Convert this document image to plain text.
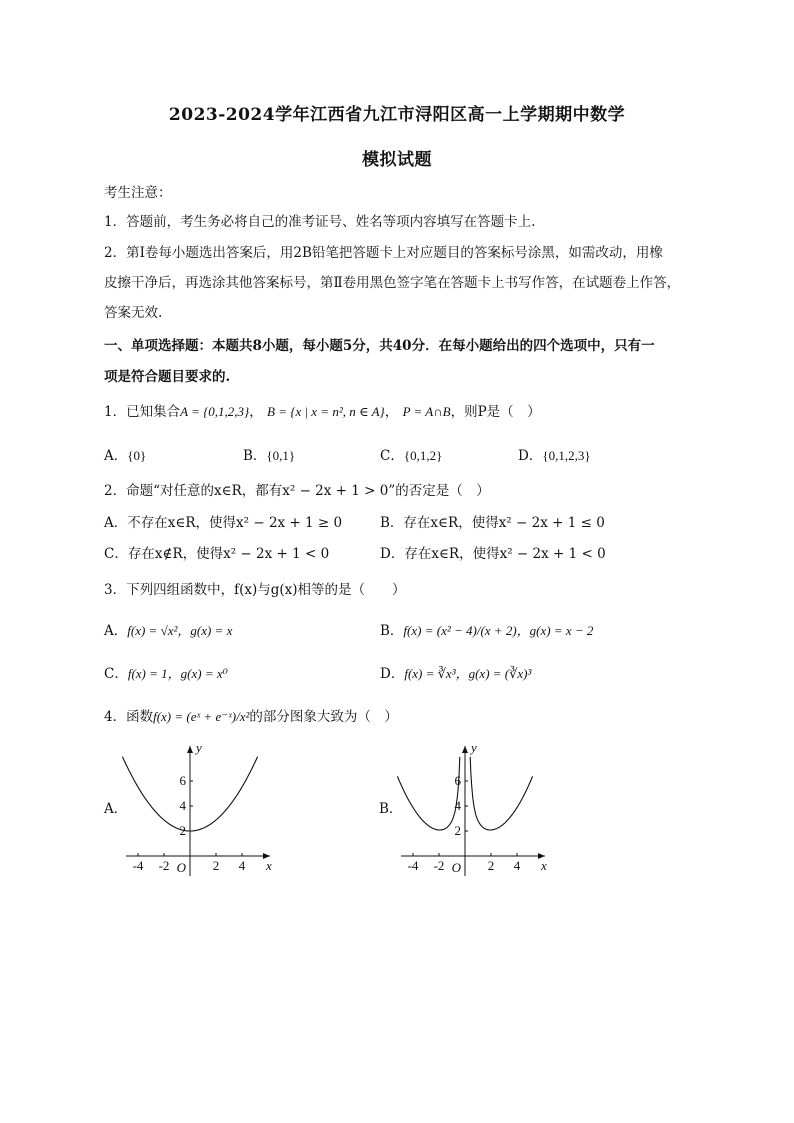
2023-2024学年江西省九江市浔阳区高一上学期期中数学
模拟试题
考生注意：
1．答题前，考生务必将自己的准考证号、姓名等项内容填写在答题卡上.
2．第Ⅰ卷每小题选出答案后，用2B铅笔把答题卡上对应题目的答案标号涂黑，如需改动，用橡
皮擦干净后，再选涂其他答案标号，第Ⅱ卷用黑色签字笔在答题卡上书写作答，在试题卷上作答，
答案无效.
一、单项选择题：本题共8小题，每小题5分，共40分．在每小题给出的四个选项中，只有一
项是符合题目要求的.
1．已知集合A = {0,1,2,3}， B = {x | x = n², n ∈ A}， P = A∩B，则P是（　）
A．{0}	B．{0,1}	C．{0,1,2}	D．{0,1,2,3}
2．命题“对任意的x∈R，都有x² − 2x + 1 > 0”的否定是（　）
A．不存在x∈R，使得x² − 2x + 1 ≥ 0	B．存在x∈R，使得x² − 2x + 1 ≤ 0
C．存在x∉R，使得x² − 2x + 1 < 0	D．存在x∈R，使得x² − 2x + 1 < 0
3．下列四组函数中，f(x)与g(x)相等的是（　　）
A．f(x) = √x²，g(x) = x	B．f(x) = (x² − 4)/(x + 2)，g(x) = x − 2
C．f(x) = 1，g(x) = x⁰	D．f(x) = ∛x³，g(x) = (∛x)³
4．函数f(x) = (eˣ + e⁻ˣ)/x²的部分图象大致为（　）
A．
-4 -2	2 4
2
4
6
O	x
y
B．
-4 -2	2 4
2
4
6
O	x
y
